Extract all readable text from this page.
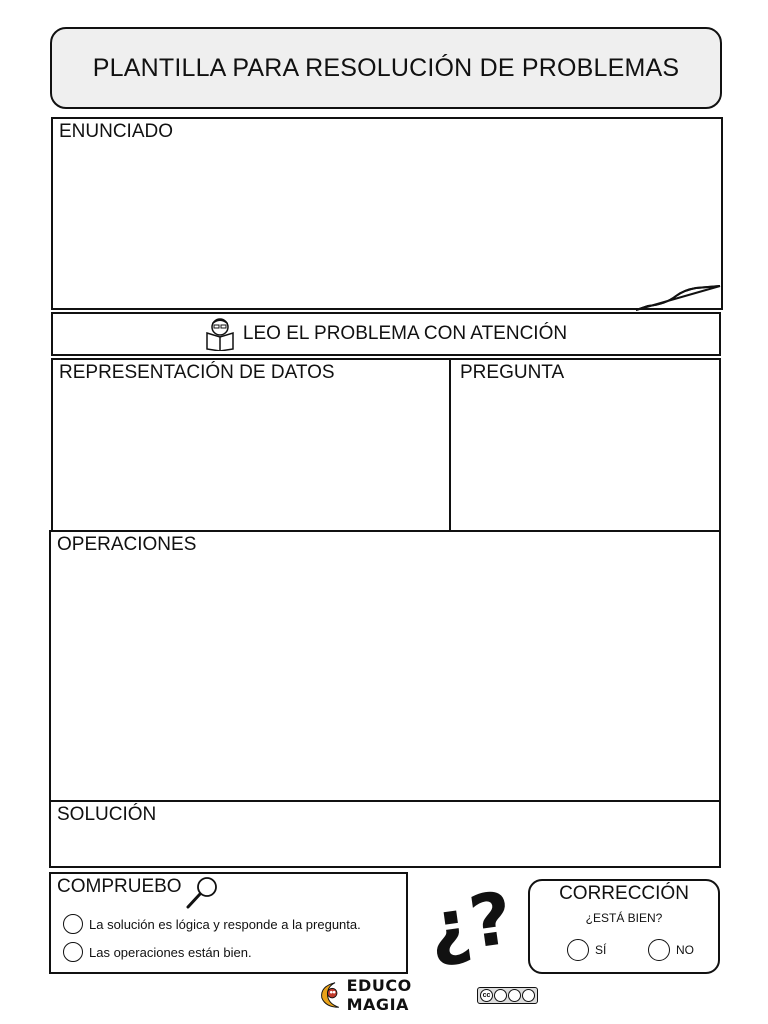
PLANTILLA PARA RESOLUCIÓN DE PROBLEMAS
ENUNCIADO
LEO EL PROBLEMA CON ATENCIÓN
REPRESENTACIÓN DE DATOS	PREGUNTA
OPERACIONES
SOLUCIÓN
COMPRUEBO
La solución es lógica y responde a la pregunta.
Las operaciones están bien. ¿?	CORRECCIÓN
¿ESTÁ BIEN?
SÍ	NO
EDUCO MAGIA	cc
